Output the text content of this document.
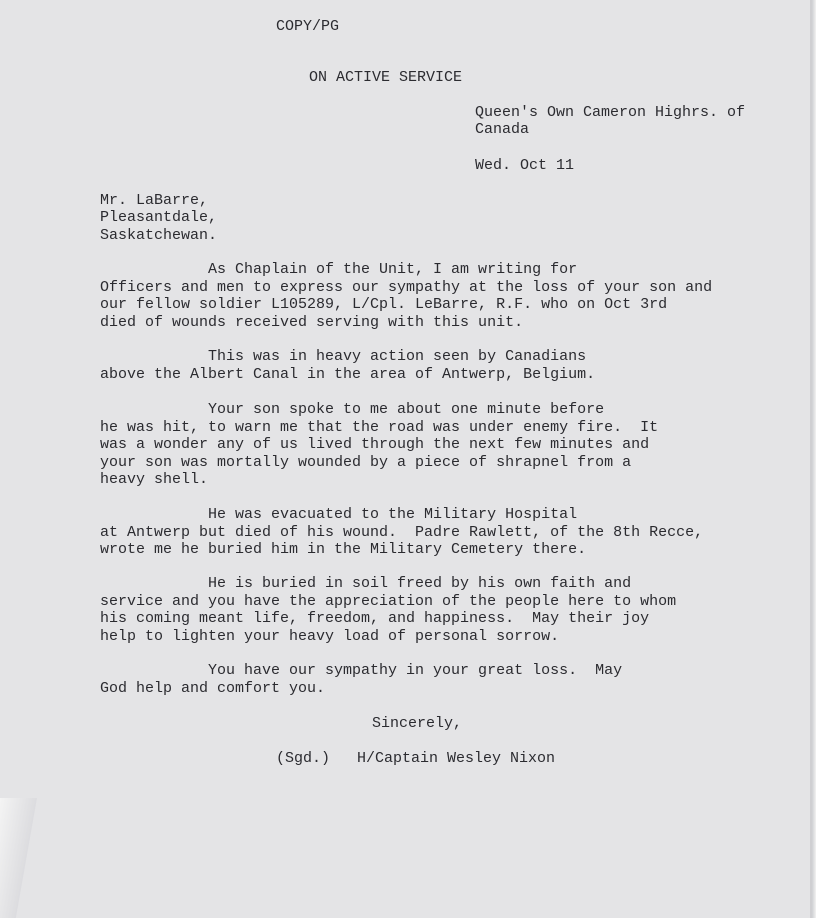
COPY/PG

ON ACTIVE SERVICE

Queen's Own Cameron Highrs. of

Canada

Wed. Oct 11

Mr. LaBarre,

Pleasantdale,

Saskatchewan.

As Chaplain of the Unit, I am writing for
Officers and men to express our sympathy at the loss of your son and
our fellow soldier L105289, L/Cpl. LeBarre, R.F. who on Oct 3rd
died of wounds received serving with this unit.

This was in heavy action seen by Canadians
above the Albert Canal in the area of Antwerp, Belgium.

Your son spoke to me about one minute before
he was hit, to warn me that the road was under enemy fire.  It
was a wonder any of us lived through the next few minutes and
your son was mortally wounded by a piece of shrapnel from a
heavy shell.

He was evacuated to the Military Hospital
at Antwerp but died of his wound.  Padre Rawlett, of the 8th Recce,
wrote me he buried him in the Military Cemetery there.

He is buried in soil freed by his own faith and
service and you have the appreciation of the people here to whom
his coming meant life, freedom, and happiness.  May their joy
help to lighten your heavy load of personal sorrow.

You have our sympathy in your great loss.  May
God help and comfort you.

Sincerely,

(Sgd.)   H/Captain Wesley Nixon
